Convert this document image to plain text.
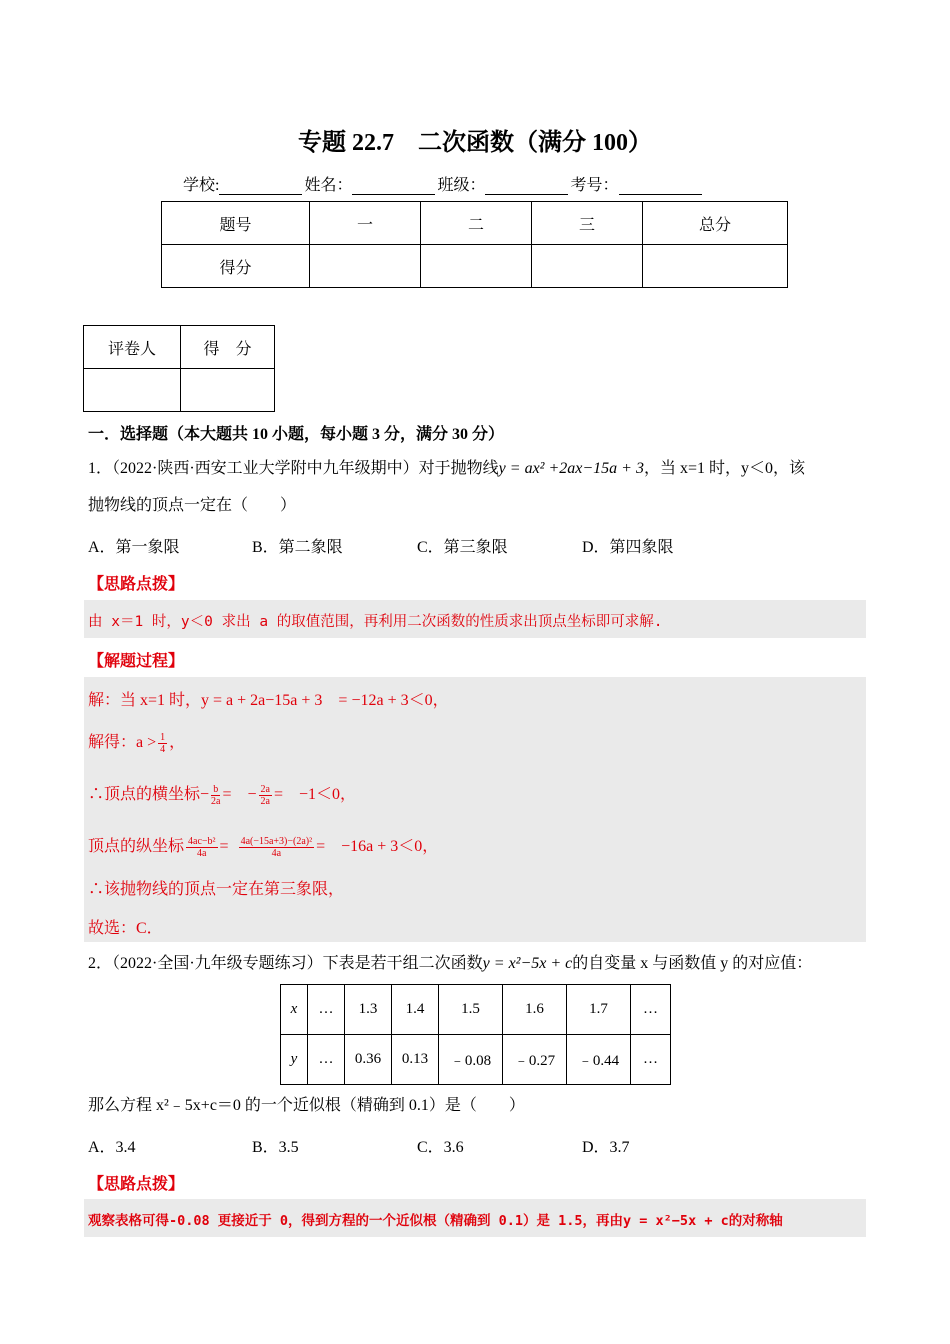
专题 22.7　二次函数（满分 100）
学校:	姓名：	班级：	考号：
题号	一	二	三	总分
得分				
评卷人	得　分

一．选择题（本大题共 10 小题，每小题 3 分，满分 30 分）
1．（2022·陕西·西安工业大学附中九年级期中）对于抛物线y = ax² +2ax−15a + 3，当 x=1 时，y＜0，该
抛物线的顶点一定在（　　）
A．第一象限	B．第二象限	C．第三象限	D．第四象限
【思路点拨】
由 x＝1 时，y＜0 求出 a 的取值范围，再利用二次函数的性质求出顶点坐标即可求解.
【解题过程】
解：当 x=1 时，y = a + 2a−15a + 3　= −12a + 3＜0，
解得：$a > \frac{1}{4}$ ，
∴顶点的横坐标− $\frac{b}{2a}$ =　− $\frac{2a}{2a}$ =　−1＜0，
顶点的纵坐标 $\frac{\text{4ac−b²}}{4a} = \frac{\text{4a(−15a+3)−(2a)²}}{4a}$ =　−16a + 3＜0，
∴该抛物线的顶点一定在第三象限，
故选：C．
2．（2022·全国·九年级专题练习）下表是若干组二次函数y = x²−5x + c的自变量 x 与函数值 y 的对应值：
x	…	1.3	1.4	1.5	1.6	1.7	…
y	…	0.36	0.13	﹣0.08	﹣0.27	﹣0.44	…
那么方程 x²﹣5x+c＝0 的一个近似根（精确到 0.1）是（　　）
A．3.4	B．3.5	C．3.6	D．3.7
【思路点拨】
观察表格可得-0.08 更接近于 0，得到方程的一个近似根（精确到 0.1）是 1.5，再由y = x²−5x + c的对称轴
